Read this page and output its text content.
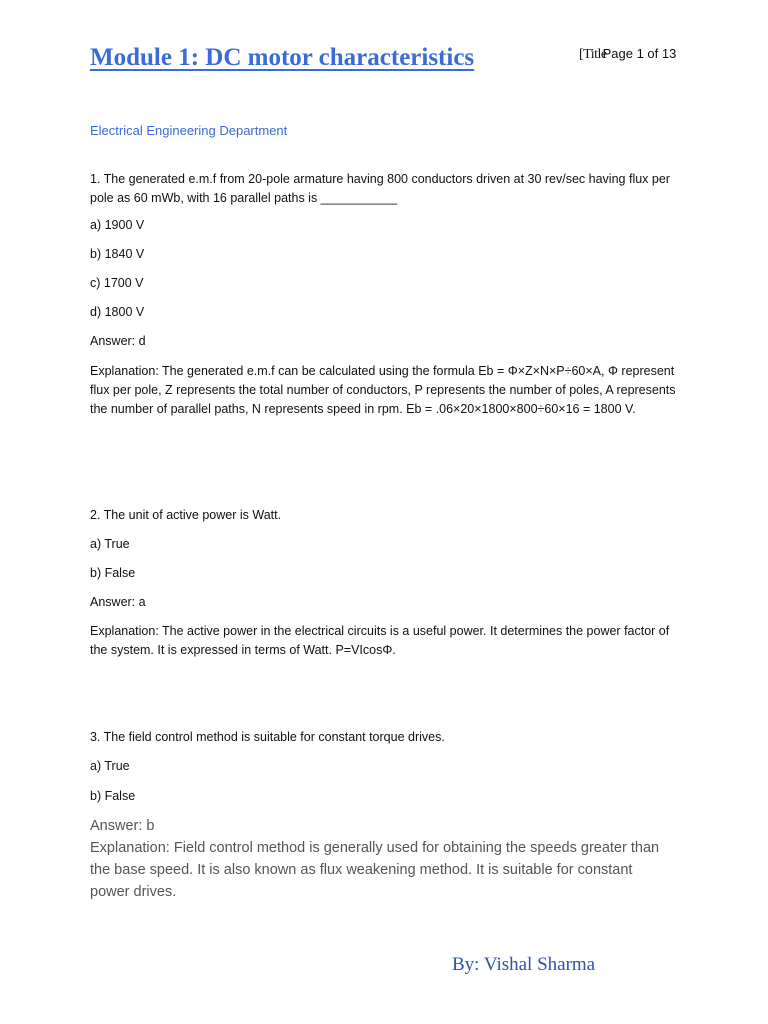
Module 1: DC motor characteristics	[TitlePage 1 of 13
Electrical Engineering Department

1. The generated e.m.f from 20-pole armature having 800 conductors driven at 30 rev/sec having flux per pole as 60 mWb, with 16 parallel paths is ___________

a) 1900 V

b) 1840 V

c) 1700 V

d) 1800 V

Answer: d

Explanation: The generated e.m.f can be calculated using the formula Eb = Φ×Z×N×P÷60×A, Φ represent flux per pole, Z represents the total number of conductors, P represents the number of poles, A represents the number of parallel paths, N represents speed in rpm. Eb = .06×20×1800×800÷60×16 = 1800 V.

2. The unit of active power is Watt.

a) True

b) False

Answer: a

Explanation: The active power in the electrical circuits is a useful power. It determines the power factor of the system. It is expressed in terms of Watt. P=VIcosΦ.

3. The field control method is suitable for constant torque drives.

a) True

b) False

Answer: b

Explanation: Field control method is generally used for obtaining the speeds greater than the base speed. It is also known as flux weakening method. It is suitable for constant power drives.

By: Vishal Sharma
